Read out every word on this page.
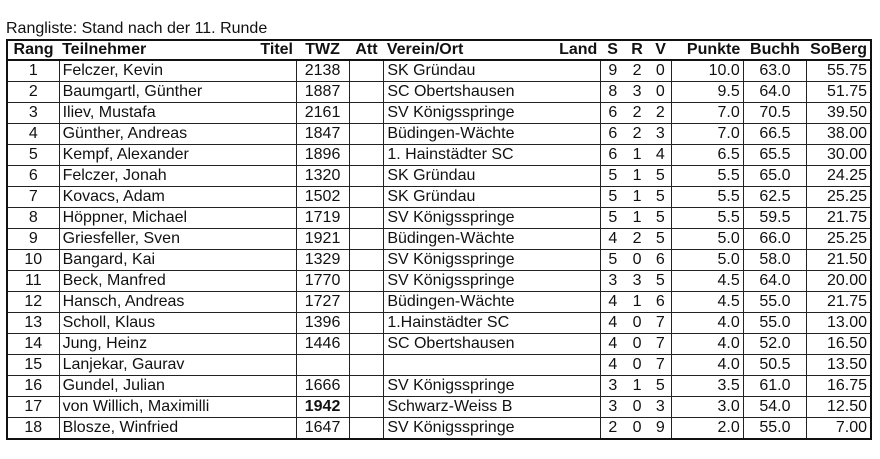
Rangliste: Stand nach der 11. Runde
Rang	Teilnehmer	Titel	TWZ	Att	Verein/Ort	Land	S	R	V	Punkte	Buchh	SoBerg
1	Felczer, Kevin		2138		SK Gründau		9	2	0	10.0	63.0	55.75
2	Baumgartl, Günther		1887		SC Obertshausen		8	3	0	9.5	64.0	51.75
3	Iliev, Mustafa		2161		SV Königsspringe		6	2	2	7.0	70.5	39.50
4	Günther, Andreas		1847		Büdingen-Wächte		6	2	3	7.0	66.5	38.00
5	Kempf, Alexander		1896		1. Hainstädter SC		6	1	4	6.5	65.5	30.00
6	Felczer, Jonah		1320		SK Gründau		5	1	5	5.5	65.0	24.25
7	Kovacs, Adam		1502		SK Gründau		5	1	5	5.5	62.5	25.25
8	Höppner, Michael		1719		SV Königsspringe		5	1	5	5.5	59.5	21.75
9	Griesfeller, Sven		1921		Büdingen-Wächte		4	2	5	5.0	66.0	25.25
10	Bangard, Kai		1329		SV Königsspringe		5	0	6	5.0	58.0	21.50
11	Beck, Manfred		1770		SV Königsspringe		3	3	5	4.5	64.0	20.00
12	Hansch, Andreas		1727		Büdingen-Wächte		4	1	6	4.5	55.0	21.75
13	Scholl, Klaus		1396		1.Hainstädter SC		4	0	7	4.0	55.0	13.00
14	Jung, Heinz		1446		SC Obertshausen		4	0	7	4.0	52.0	16.50
15	Lanjekar, Gaurav						4	0	7	4.0	50.5	13.50
16	Gundel, Julian		1666		SV Königsspringe		3	1	5	3.5	61.0	16.75
17	von Willich, Maximilli		1942		Schwarz-Weiss B		3	0	3	3.0	54.0	12.50
18	Blosze, Winfried		1647		SV Königsspringe		2	0	9	2.0	55.0	7.00
